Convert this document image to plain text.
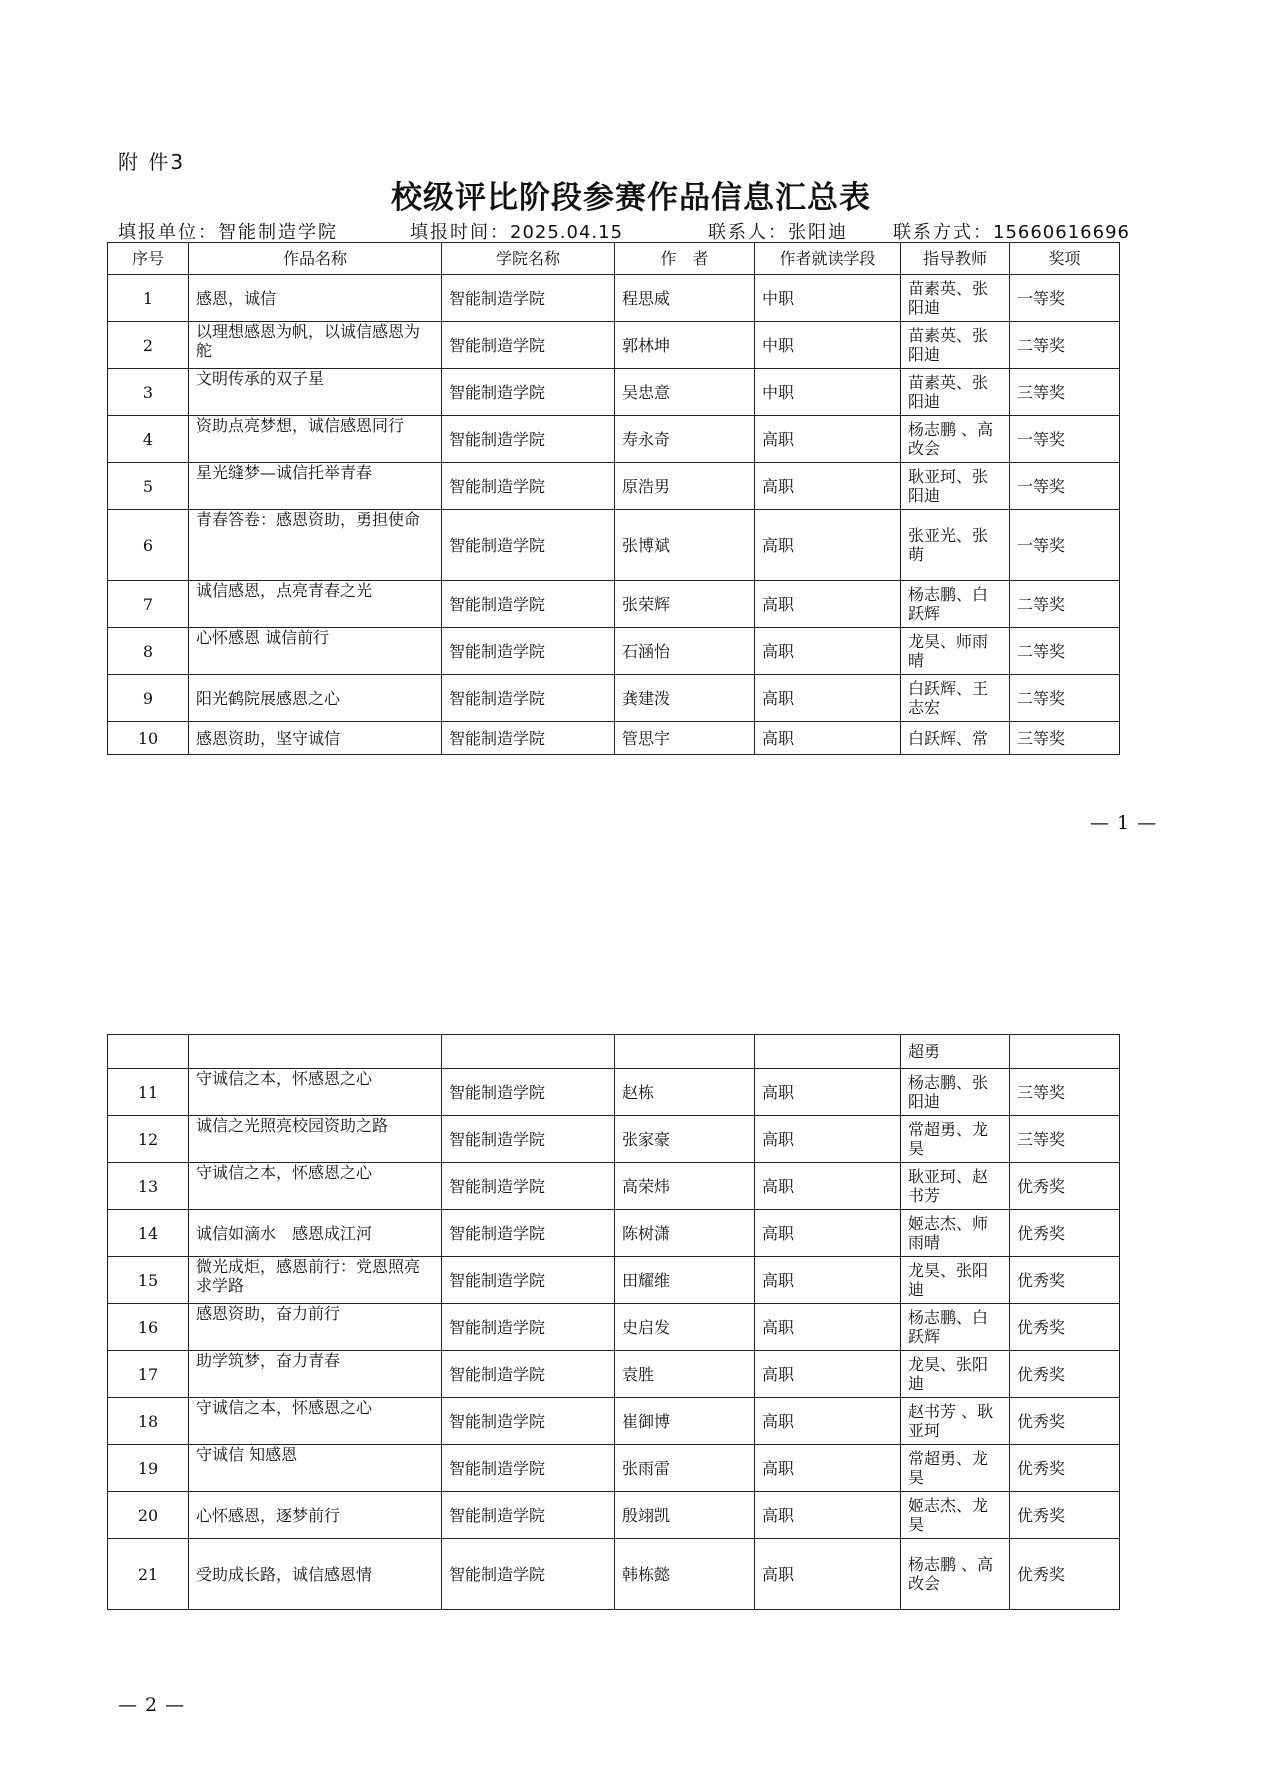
附 件3
校级评比阶段参赛作品信息汇总表
填报单位：智能制造学院	填报时间：2025.04.15	联系人：张阳迪	联系方式：15660616696
序号	作品名称	学院名称	作　者	作者就读学段	指导教师	奖项
1	感恩，诚信	智能制造学院	程思威	中职	苗素英、张阳迪	一等奖
2	以理想感恩为帆，以诚信感恩为舵	智能制造学院	郭林坤	中职	苗素英、张阳迪	二等奖
3	文明传承的双子星	智能制造学院	吴忠意	中职	苗素英、张阳迪	三等奖
4	资助点亮梦想，诚信感恩同行	智能制造学院	寿永奇	高职	杨志鹏 、高改会	一等奖
5	星光缝梦—诚信托举青春	智能制造学院	原浩男	高职	耿亚珂、张阳迪	一等奖
6	青春答卷：感恩资助，勇担使命	智能制造学院	张博斌	高职	张亚光、张萌	一等奖
7	诚信感恩，点亮青春之光	智能制造学院	张荣辉	高职	杨志鹏、白跃辉	二等奖
8	心怀感恩 诚信前行	智能制造学院	石涵怡	高职	龙昊、师雨晴	二等奖
9	阳光鹤院展感恩之心	智能制造学院	龚建泼	高职	白跃辉、王志宏	二等奖
10	感恩资助，坚守诚信	智能制造学院	管思宇	高职	白跃辉、常	三等奖
— 1 —
					超勇	
11	守诚信之本，怀感恩之心	智能制造学院	赵栋	高职	杨志鹏、张阳迪	三等奖
12	诚信之光照亮校园资助之路	智能制造学院	张家豪	高职	常超勇、龙昊	三等奖
13	守诚信之本，怀感恩之心	智能制造学院	高荣炜	高职	耿亚珂、赵书芳	优秀奖
14	诚信如滴水　感恩成江河	智能制造学院	陈树潇	高职	姬志杰、师雨晴	优秀奖
15	微光成炬，感恩前行：党恩照亮求学路	智能制造学院	田耀维	高职	龙昊、张阳迪	优秀奖
16	感恩资助，奋力前行	智能制造学院	史启发	高职	杨志鹏、白跃辉	优秀奖
17	助学筑梦，奋力青春	智能制造学院	袁胜	高职	龙昊、张阳迪	优秀奖
18	守诚信之本，怀感恩之心	智能制造学院	崔御博	高职	赵书芳 、耿亚珂	优秀奖
19	守诚信 知感恩	智能制造学院	张雨雷	高职	常超勇、龙昊	优秀奖
20	心怀感恩，逐梦前行	智能制造学院	殷翊凯	高职	姬志杰、龙昊	优秀奖
21	受助成长路，诚信感恩情	智能制造学院	韩栋懿	高职	杨志鹏 、高改会	优秀奖
— 2 —
